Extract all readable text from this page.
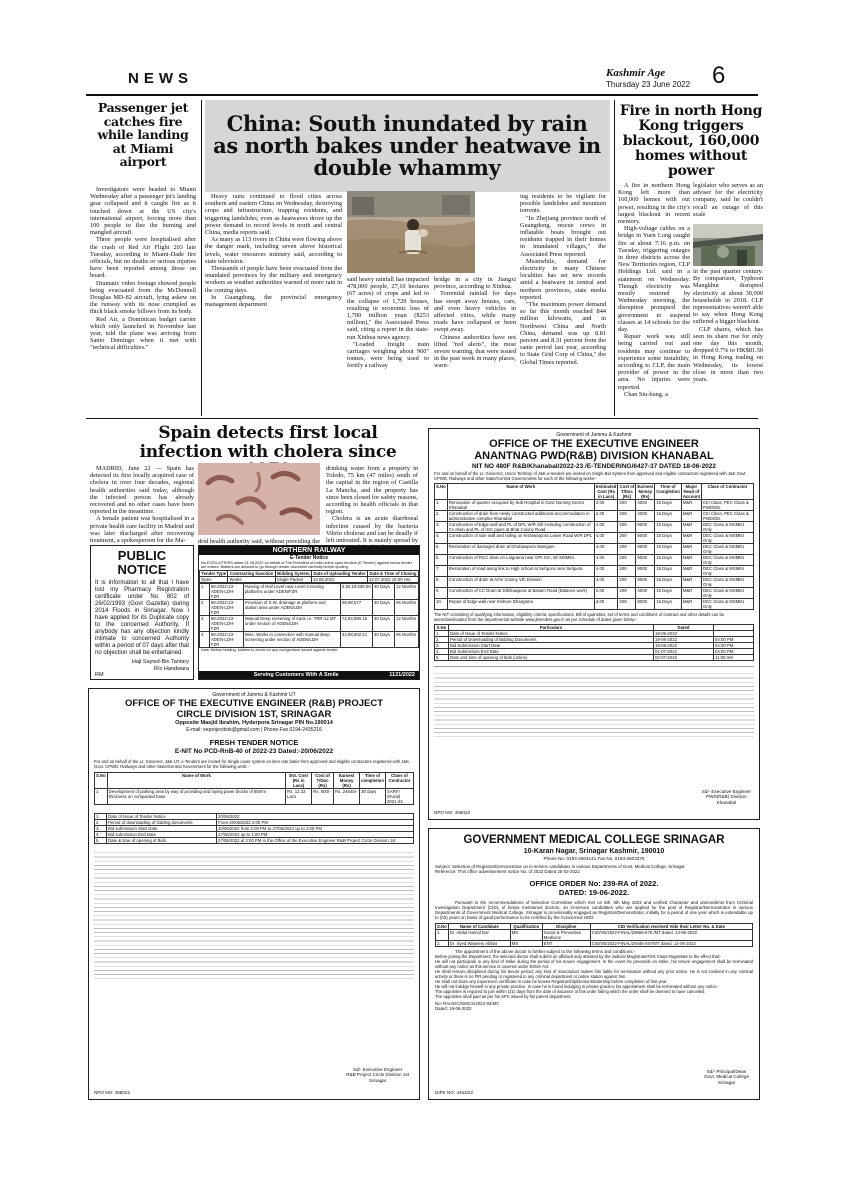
NEWS	Kashmir Age
Thursday 23 June 2022 6
Passenger jet catches fire while landing at Miami airport

Investigators were headed to Miami Wednesday after a passenger jet's landing gear collapsed and it caught fire as it touched down at the US city's international airport, forcing more than 100 people to flee the burning and mangled aircraft.

Three people were hospitalised after the crash of Red Air Flight 203 late Tuesday, according to Miami-Dade fire officials, but no deaths or serious injuries have been reported among those on board.

Dramatic video footage showed people being evacuated from the McDonnell Douglas MD-82 aircraft, lying askew on the runway with its nose crumpled as thick black smoke billows from its body.

Red Air, a Dominican budget carrier which only launched in November last year, told the plane was arriving from Santo Domingo when it met with "technical difficulties."

China: South inundated by rain as north bakes under heatwave in double whammy

Heavy rains continued to flood cities across southern and eastern China on Wednesday, destroying crops and infrastructure, trapping residents, and triggering landslides, even as heatwaves drove up the power demand to record levels in north and central China, media reports said.

As many as 113 rivers in China were flowing above the danger mark, including seven above historical levels, water resources ministry said, according to state television.

Thousands of people have been evacuated from the inundated provinces by the military and emergency workers as weather authorities warned of more rain in the coming days.

In Guangdong, the provincial emergency management department

said heavy rainfall has impacted 478,000 people, 27,10 hectares (67 acres) of crops and led to the collapse of 1,729 houses, resulting in economic loss of 1,700 million yuan ($253 million)," the Associated Press said, citing a report in the state-run Xinhua news agency.

"Loaded freight train carriages weighing about 960" tonnes, were being used to fortify a railway

bridge in a city in Jiangxi province, according to Xinhua.

Torrential rainfall for days has swept away houses, cars, and even heavy vehicles in affected cities, while many roads have collapsed or been swept away.

Chinese authorities have not lifted "red alerts", the most severe warning, that were issued in the past week in many places, warn-

ing residents to be vigilant for possible landslides and mountain torrents.

"In Zhejiang province north of Guangdong, rescue crews in inflatable boats brought out residents trapped in their homes in inundated villages," the Associated Press reported.

Meanwhile, demand for electricity in many Chinese localities has set new records amid a heatwave in central and northern provinces, state media reported.

"The maximum power demand so far this month reached 844 million kilowatts, and in Northwest China and North China, demand was up 8.81 percent and 8.31 percent from the same period last year, according to State Grid Corp of China," the Global Times reported.

Fire in north Hong Kong triggers blackout, 160,000 homes without power

A fire in northern Hong Kong left more than 160,000 homes with out power, resulting in the city's largest blackout in recent memory.

High-voltage cables on a bridge in Yuen Long caught fire at about 7:16 p.m. on Tuesday, triggering outages in three districts across the New Territories region, CLP Holdings Ltd. said in a statement on Wednesday. Though electricity was mostly restored by Wednesday morning, the disruption prompted the government to suspend classes at 14 schools for the day.

Repair work was still being carried out and residents may continue to experience some instability, according to CLP, the main provider of power in the area. No injuries were reported.

Chan Siu-hung, a

legislator who serves as an adviser for the electricity company, said he couldn't recall an outage of this scale

in the past quarter century. By comparison, Typhoon Mangkhut disrupted electricity at about 30,000 households in 2018. CLP representatives weren't able to say when Hong Kong suffered a bigger blackout.

CLP shares, which has seen its share rise for only one day this month, dropped 0.7% to HK$81.50 in Hong Kong trading on Wednesday, its lowest close in more than two years.

Spain detects first local infection with cholera since

MADRID, June 22 — Spain has detected its first locally acquired case of cholera in over four decades, regional health authorities said today, although the infected person has already recovered and no other cases have been reported in the meantime.

A female patient was hospitalised in a private health care facility in Madrid and was later discharged after recovering treatment, a spokesperson for the Ma-	drid health authority said, without providing the

drinking water from a property in Toledo, 75 km (47 miles) south of the capital in the region of Castilla La Mancha, and the property has since been closed for safety reasons, according to health officials in that region.

Cholera is an acute diarrhoeal infection caused by the bacteria Vibrio cholerae and can be deadly if left untreated. It is mainly spread by

PUBLIC NOTICE
It is information to all that I have lost my Pharmacy Registration certificate under No. 802 of 26/02/1993 (Govt Gazette) during 2014 Floods in Srinagar. Now I have applied for its Duplicate copy to the concerned Authority. If anybody has any objection kindly intimate to concerned Authority within a period of 07 days after that no objection shall be entertained.
Haji Sayied-Bin Tantary
R/o Handwara
RM
NORTHERN RAILWAY
E-Tender Notice
No.ECR/I-4/TR/RS dated 21.06.2022 on behalf of The President of India online open tenders (E-Tender) against below tender are invited. Bidders are advised to go through tender document carefully before quoting.
Tender Type	Contracting Sanction	Bidding System	Date of Uploading Tender	Date & Time of Closing
Open	Works	Single Packet	13.06.2022	12.07.2022 15:00 Hrs
1	60-2022-23-ADEN-LDH-FZR	Raising of Rail Level near Level Crossing platforms under ADEN/FZR	2,50,19,030.00	45 Days	12 Months
2	60-2022-23-ADEN-LDH-FZR	Provision of S.W. drainage at platform and station area under ADEN/LDH	58,98,677	45 Days	06 Months
3	60-2022-23-ADEN-LDH-FZR	Manual Deep screening of track i.e. TRR-12 MT under section of ADEN/LDH	72,84,690.15	45 Days	12 Months
4	60-2022-23-ADEN-LDH-FZR	Misc. Works in connection with manual deep screening under section of ADEN/LDH	44,98,602.21	45 Days	06 Months
Note: Before bidding, bidders to check for any corrigendum issued against tender.
Serving Customers With A Smile	1121/2022
Government of Jammu & Kashmir
OFFICE OF THE EXECUTIVE ENGINEER
ANANTNAG PWD(R&B) DIVISION KHANABAL
NIT NO 480F R&B/Khanabal/2022-23 /E-TENDERING/6427-37 DATED 18-06-2022
For and on behalf of the Lt. Governor, Union Territory of J&K e-tenders are invited on Single Bid System from approved and eligible contractors registered with J&K Govt. CPWD, Railways and other State/Central Governments for each of the following works:-
S.No	Name of Work	Estimated Cost (Rs in Lacs)	Cost of T/Doc (Rs)	Earnest Money (Rs)	Time of Completion	Major Head of Account	Class of Contractor
1.	Renovation of quarter occupied by Sub Hospital in Govt Nursing Sector Khanabal	2.00	200	4000	15 Days	M&R	CIII Class, PEC Class & PWD/Dls
2.	Construction of drain from newly constructed additional accommodation in administrative complex Khanabal	2.00	200	4000	15 Days	M&R	CIII Class, PEC Class & PWD/Dls
3.	Construction of Edge wall and PL of DPL W/R Gill including construction of Cc drain and PL of IGC pipes at Bhat Colony Road	4.00	200	8000	15 Days	M&R	DEC Class & MSMEs Only
4.	Construction of side wall and railing on Kishtwarpora Lower Road W/R DPL	4.00	200	8000	15 Days	M&R	DEC Class & MSMEs Only
5.	Restoration of damaged drain at Dhobawpora Manigam	4.00	200	8000	15 Days	M&R	DEC Class & MSMEs Only
6.	Construction of RCC drain on Lalgrama near GPI Gm, W/ MSMEs	4.00	200	8000	15 Days	M&R	DEC Class & MSMEs Only
7.	Restoration of road along link to High school at Sehpora near Sehpora	4.00	200	8000	15 Days	M&R	DEC Class & MSMEs Only
8.	Construction of drain at Arhir Colony Vth Division	4.00	200	8000	15 Days	M&R	DEC Class & MSMEs Only
9.	Construction of CC Drain at Dilbhawpora at Basam Road (Balance work)	2.00	200	4000	15 Days	M&R	DEC Class & MSMEs Only
10.	Repair of Edge wall near Kishore Dhargama	4.00	200	8000	15 Days	M&R	DEC Class & MSMEs Only
The NIT consisting of qualifying information, eligibility criteria, specifications, Bill of quantities, set of terms and conditions of contract and other details can be seen/downloaded from the departmental website www.jktenders.gov.in as per schedule of dates given below:-
S.No	Particulars	Dated	
1.	Date of Issue of Tender Notice	18-06-2022	
2.	Period of Downloading of Bidding Documents	19-06-2022	04:00 PM
3.	Bid Submission Start Date	19-06-2022	04:00 PM
4.	Bid Submission End Date	01-07-2022	04:00 PM
5.	Date and time of opening of bids (online)	02-07-2022	11:00 AM
Sd/- Executive Engineer
PWD(R&B) Division
Khanabal
NPO NO: 458022
Government of Jammu & Kashmir UT
OFFICE OF THE EXECUTIVE ENGINEER (R&B) PROJECT
CIRCLE DIVISION 1ST, SRINAGAR
Opposite Masjid Ibrahim, Hyderpora Srinagar PIN No.190014
E-mail: eeprojecttsrk@gmail.com | Phone-Fax 0194-2435216
FRESH TENDER NOTICE
E-NIT No PCD-RnB-40 of 2022-23 Dated:-20/06/2022
For and on behalf of the Lt. Governor, J&K UT, e-Tenders are invited for Single cover system on item rate basis from approved and eligible contractors registered with J&K Govt. CPWD, Railways and other State/Central Government for the following work:-
S.No	Name of Work	Est. Cost (Rs in Lacs)	Cost of T/Doc (Rs)	Earnest Money (Rs)	Time of completion	Class of Contractor
1	Development of parking area by way of providing and laying paver blocks of 80mm thickness on compacted base	Rs. 12.32 Lacs	Rs. 600/-	Rs. 24640/-	30 days	SARFI (Rural) 2021-22
1.	Date of Issue of Tender Notice	20/06/2022
2.	Period of downloading of bidding documents	From 20/06/2022 2:00 PM
3.	Bid submission Start Date	20/06/2022 from 2:00 PM to 27/06/2022 up to 1:00 PM
4.	Bid submission End Date	27/06/2022 up to 1:00 PM
5.	Date & time of opening of Bids	27/06/2022 at 2:00 PM in the Office of the Executive Engineer R&B Project Circle Division 1st
Sd/- Executive Engineer
R&B Project Circle Division 1st
Srinagar
NPO NO: 458022
GOVERNMENT MEDICAL COLLEGE SRINAGAR
10-Karan Nagar, Srinagar Kashmir, 190010
Phone No. 0194-2504141 Fax No. 0194-2503375
Subject: Selection of Registrar/Demonstrator on in-service candidates in various Departments of Govt. Medical College, Srinagar
Reference: This office advertisement notice No. of 2022 Dated 25-02-2022
OFFICE ORDER No: 239-RA of 2022.
DATED: 19-06-2022.
Pursuant to the recommendations of Selection Committee which met on 5th, 6th May 2022 and verified Character and antecedents from Criminal Investigation Department (CID), of below mentioned doctors, an in-service candidates who are applied for the post of Registrar/Demonstrator in various Departments of Government Medical College, Srinagar is provisionally engaged as Registrar/Demonstrator, initially for a period of one year which is extendable up to (03) years on basis of good performance to be certified by the Concerned HOD.
S.No	Name of Candidate	Qualification	Discipline	CID Verification received Vide their Letter No. & Date
1.	Dr. Abdul Hamid Dar	MD	Social & Preventive Medicine	CID/VB/2022-FINAL/29566-576 /MT dated. 14-06-2022
2.	Dr. Syed Waseem Abbas	MS	ENT	CID/VB/2022-FINAL/29446-457/MT dated. 14-06-2022
The appointment of the above doctor is further subject to the following terms and conditions:-
Before joining the Department, the selected doctor shall submit an affidavit duly attested by the Judicial Magistrate/First Class Magistrate to the effect that:-
He will not participate in any kind of strike during the period of his tenure engagement. In the event he proceeds on strike, his tenure engagement shall be terminated without any notice as this service is covered under ESMA Act.
He shall remain disciplined during his tenure period; any kind of misconduct makes him liable for termination without any prior notice. He is not involved in any criminal activity or there is no FIR pending or registered in any criminal department or police station against him.
He shall not claim any experience certificate in case he leaves Registrarship/Demonstratorship before completion of first year.
He will not indulge himself in any private practice. In case he is found indulging in private practice his appointment shall be terminated without any notice.
The appointee is required to join within (21) days from the date of issuance of this order failing which the order shall be deemed to have cancelled.
The appointee shall paid as per his SPC issued by his parent department.
No: RA/ADC/GMCS/2022-92/MC
Dated: 19-06-2022
Sd/- Principal/Dean
Govt. Medical College
Srinagar
DIPK NO: 4463/22
